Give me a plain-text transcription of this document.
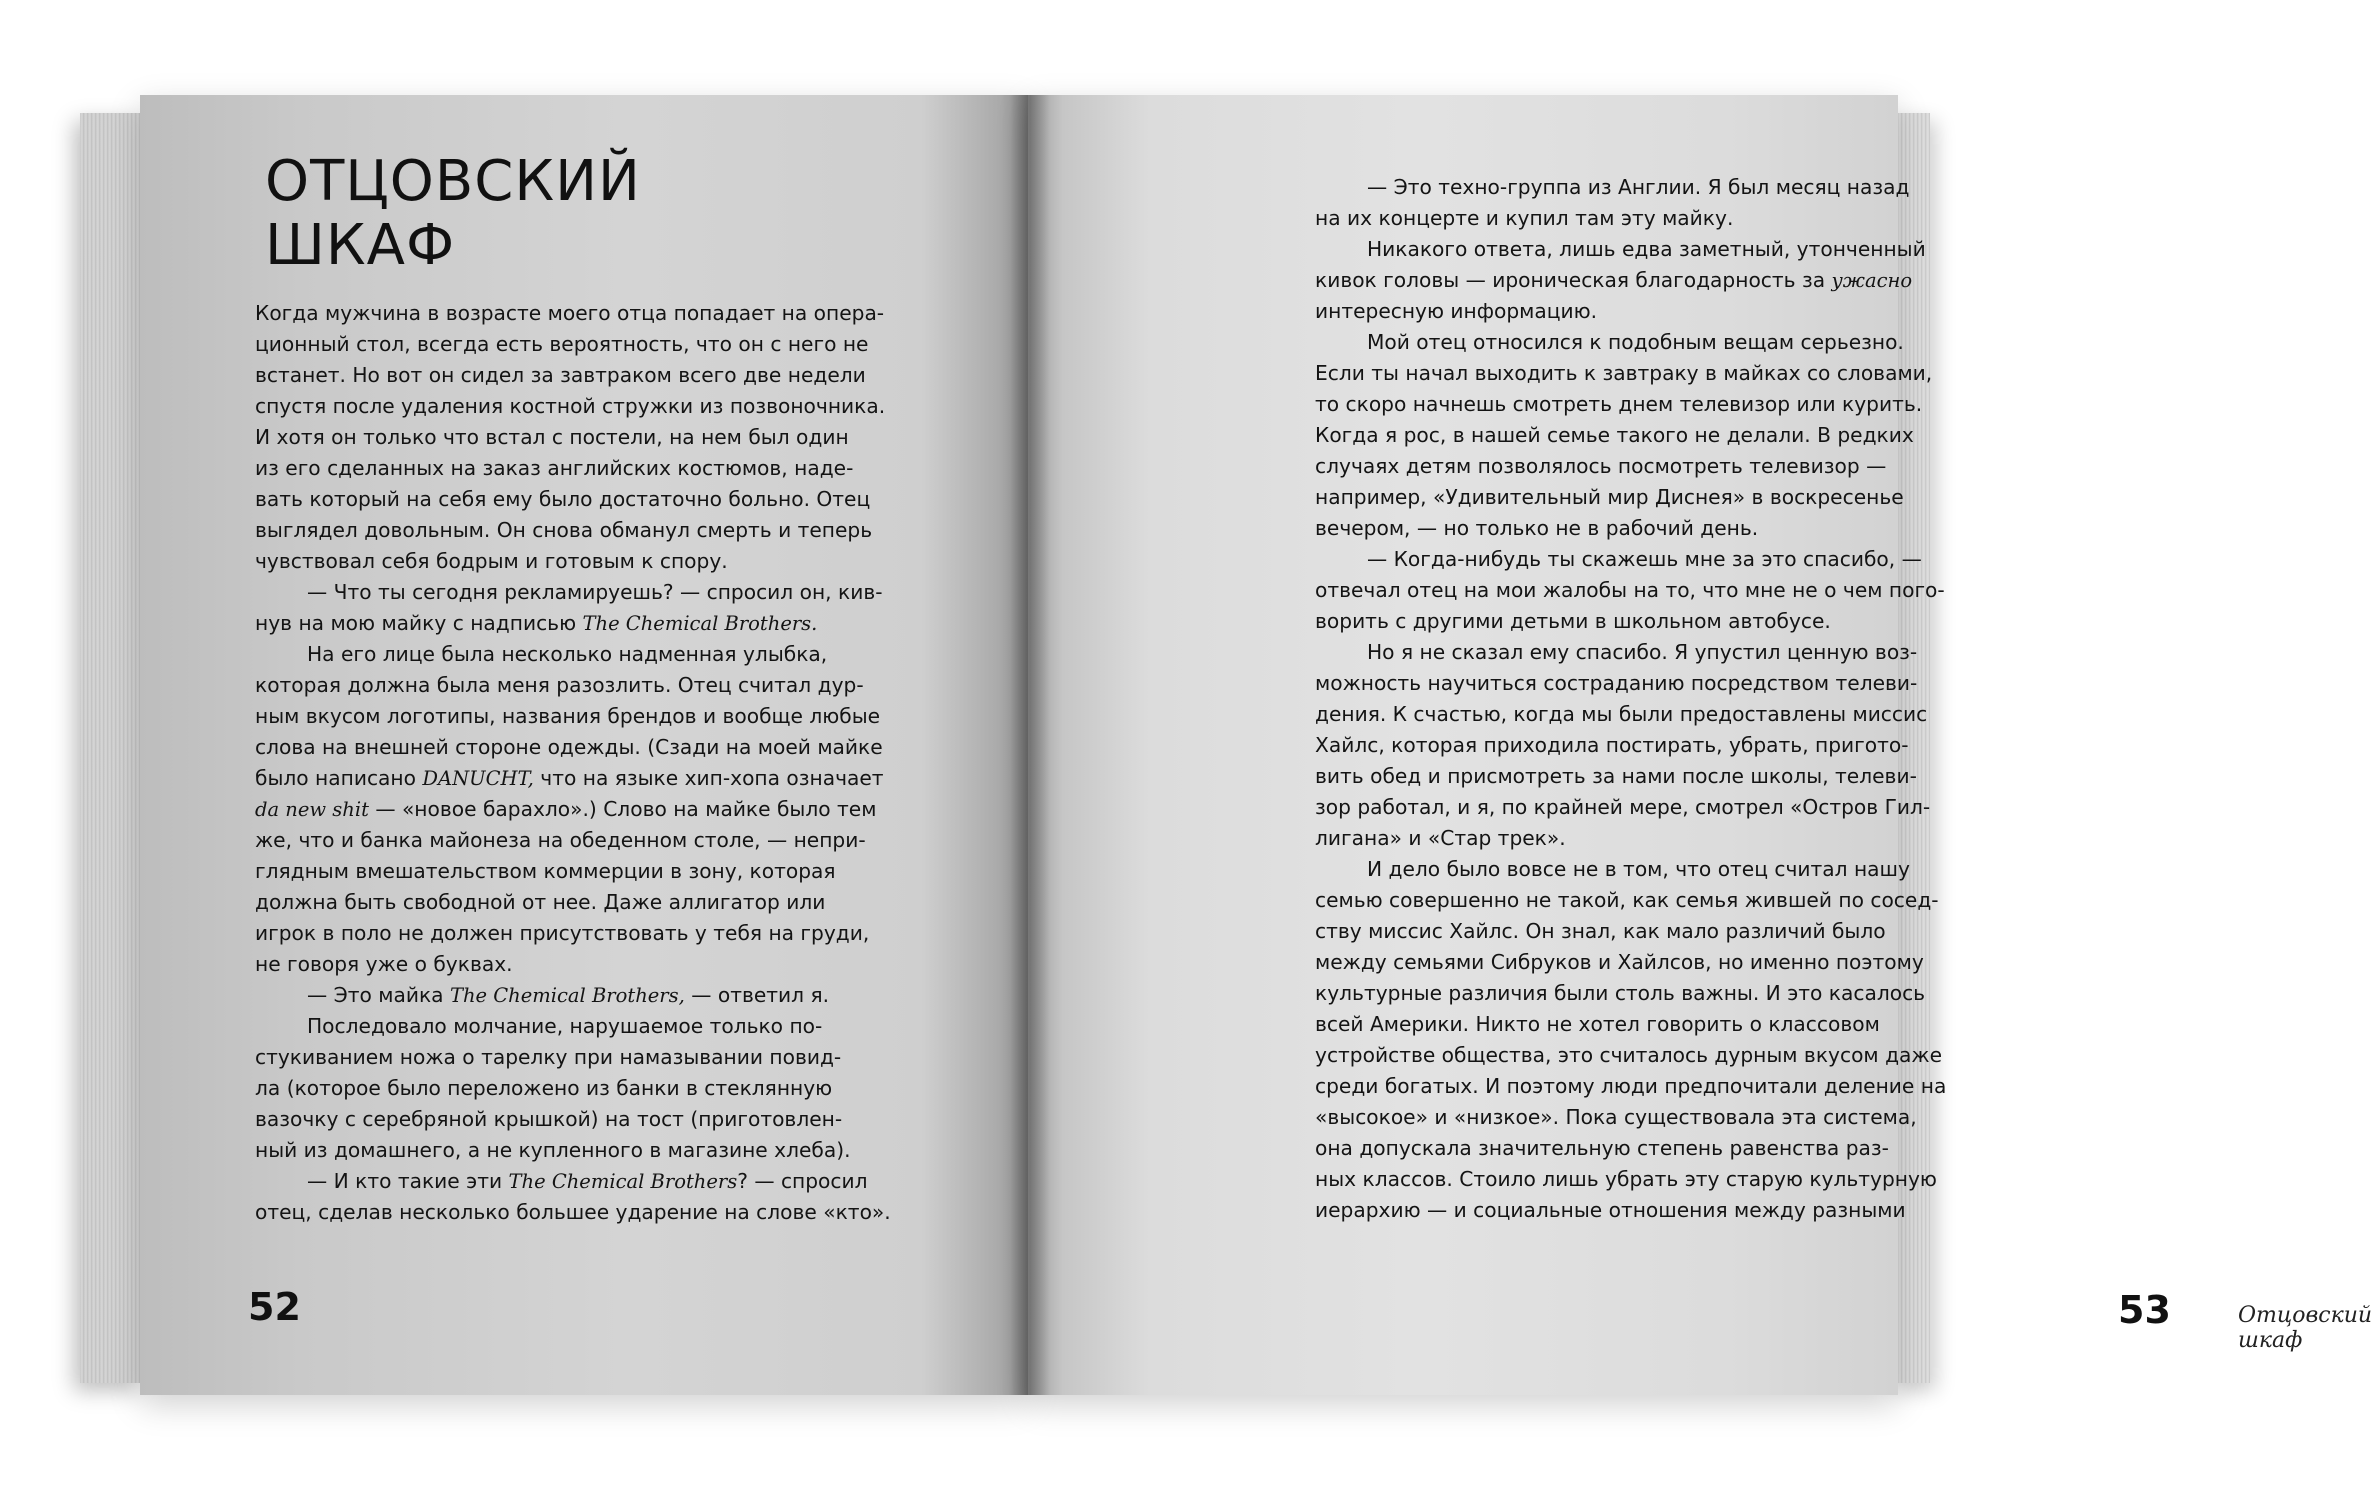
ОТЦОВСКИЙ
ШКАФ
52	53	Отцовский шкаф

Когда мужчина в возрасте моего отца попадает на опера-

ционный стол, всегда есть вероятность, что он с него не

встанет. Но вот он сидел за завтраком всего две недели

спустя после удаления костной стружки из позвоночника.

И хотя он только что встал с постели, на нем был один

из его сделанных на заказ английских костюмов, наде-

вать который на себя ему было достаточно больно. Отец

выглядел довольным. Он снова обманул смерть и теперь

чувствовал себя бодрым и готовым к спору.

— Что ты сегодня рекламируешь? — спросил он, кив-

нув на мою майку с надписью The Chemical Brothers.

На его лице была несколько надменная улыбка,

которая должна была меня разозлить. Отец считал дур-

ным вкусом логотипы, названия брендов и вообще любые

слова на внешней стороне одежды. (Сзади на моей майке

было написано DANUCHT, что на языке хип-хопа означает

da new shit — «новое барахло».) Слово на майке было тем

же, что и банка майонеза на обеденном столе, — непри-

глядным вмешательством коммерции в зону, которая

должна быть свободной от нее. Даже аллигатор или

игрок в поло не должен присутствовать у тебя на груди,

не говоря уже о буквах.

— Это майка The Chemical Brothers, — ответил я.

Последовало молчание, нарушаемое только по-

стукиванием ножа о тарелку при намазывании повид-

ла (которое было переложено из банки в стеклянную

вазочку с серебряной крышкой) на тост (приготовлен-

ный из домашнего, а не купленного в магазине хлеба).

— И кто такие эти The Chemical Brothers? — спросил

отец, сделав несколько большее ударение на слове «кто».

— Это техно-группа из Англии. Я был месяц назад

на их концерте и купил там эту майку.

Никакого ответа, лишь едва заметный, утонченный

кивок головы — ироническая благодарность за ужасно

интересную информацию.

Мой отец относился к подобным вещам серьезно.

Если ты начал выходить к завтраку в майках со словами,

то скоро начнешь смотреть днем телевизор или курить.

Когда я рос, в нашей семье такого не делали. В редких

случаях детям позволялось посмотреть телевизор —

например, «Удивительный мир Диснея» в воскресенье

вечером, — но только не в рабочий день.

— Когда-нибудь ты скажешь мне за это спасибо, —

отвечал отец на мои жалобы на то, что мне не о чем пого-

ворить с другими детьми в школьном автобусе.

Но я не сказал ему спасибо. Я упустил ценную воз-

можность научиться состраданию посредством телеви-

дения. К счастью, когда мы были предоставлены миссис

Хайлс, которая приходила постирать, убрать, пригото-

вить обед и присмотреть за нами после школы, телеви-

зор работал, и я, по крайней мере, смотрел «Остров Гил-

лигана» и «Стар трек».

И дело было вовсе не в том, что отец считал нашу

семью совершенно не такой, как семья жившей по сосед-

ству миссис Хайлс. Он знал, как мало различий было

между семьями Сибруков и Хайлсов, но именно поэтому

культурные различия были столь важны. И это касалось

всей Америки. Никто не хотел говорить о классовом

устройстве общества, это считалось дурным вкусом даже

среди богатых. И поэтому люди предпочитали деление на

«высокое» и «низкое». Пока существовала эта система,

она допускала значительную степень равенства раз-

ных классов. Стоило лишь убрать эту старую культурную

иерархию — и социальные отношения между разными
